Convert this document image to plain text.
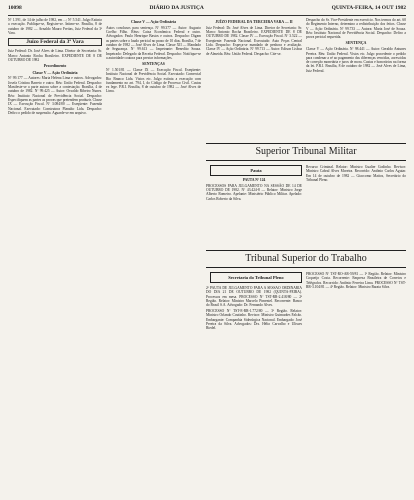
10098	DIÁRIO DA JUSTIÇA	QUINTA-FEIRA, 14 OUT 1982

Nº 1.591, de 14 de julho de 1982, em ...; Nº 5.541. Julgo Extinto a execução. Publique-se, Registre-se. Intime-se. Brasília, 8 de outubro de 1982 — Arnaldo Mauro Freitas, Juiz Federal da 3ª Vara.

Juízo Federal da 3ª Vara

Juiz Federal: Dr. José Alves de Lima. Diretor de Secretaria: Sr. Marco Antonio Rocha Brasileiro. EXPEDIENTE DE 8 DE OUTUBRO DE 1982

Procedimento
Classe V — Ação Ordinária

Nº 99.177 — Autores: Maria Helena Lima e outros. Advogados: Josefa Cristina Barreto e outro. Réu: União Federal. Despacho: Manifeste-se a parte autora sobre a contestação. Brasília, 4 de outubro de 1982. Nº 99.425 — Autor: Osvaldo Ribeiro Nunes. Réu: Instituto Nacional de Previdência Social. Despacho: Especifiquem as partes as provas que pretendem produzir. Classe IX — Execução Fiscal. Nº 3.084/80 — Exeqüente: Fazenda Nacional. Executado: Construtora Planalto Ltda. Despacho: Defiro o pedido de suspensão. Aguarde-se em arquivo.

Classe V — Ação Ordinária

Autos conclusos para sentença. Nº 99.377 — Autor: Augusto Coelho Filho. Réus: Caixa Econômica Federal e outro. Advogados: Paulo Henrique Bastos e outros. Despacho: Digam as partes sobre o laudo pericial no prazo de 10 dias. Brasília, 7 de outubro de 1982 — José Alves de Lima. Classe XII — Mandado de Segurança. Nº 99.613 — Impetrante: Benedito Souza. Impetrado: Delegado da Receita Federal. Despacho: Notifique-se a autoridade coatora para prestar informações.

SENTENÇAS

Nº 1.501/81 — Classe IX — Execução Fiscal. Exeqüente: Instituto Nacional de Previdência Social. Executado: Comercial Rio Branco Ltda. Vistos etc. Julgo extinta a execução com fundamento no art. 794, I, do Código de Processo Civil. Custas ex lege. P.R.I. Brasília, 8 de outubro de 1982 — José Alves de Lima.

JUÍZO FEDERAL DA TERCEIRA VARA — II

Juiz Federal: Dr. José Alves de Lima. Diretor de Secretaria: Sr. Marco Antonio Rocha Brasileiro. EXPEDIENTE DE 8 DE OUTUBRO DE 1982. Classe IV — Execução Fiscal. Nº 3.522 — Exeqüente: Fazenda Nacional. Executado: Auto Peças Central Ltda. Despacho: Expeça-se mandado de penhora e avaliação. Classe IV — Ação Ordinária. Nº 99.713 — Autor: Edison Lisboa de Almeida. Réu: União Federal. Despacho: Cite-se.

Despacho do Sr. Vice-Presidente em exercício. Nos termos do art. 60 do Regimento Interno, determino a redistribuição dos feitos. Classe V — Ação Ordinária. Nº 99.733 — Autora: Maria José de Souza. Réu: Instituto Nacional de Previdência Social. Despacho: Defiro a prova pericial requerida.

SENTENÇA

Classe V — Ação Ordinária. Nº 98.441 — Autor: Geraldo Antunes Pereira. Réu: União Federal. Vistos etc. Julgo procedente o pedido para condenar a ré ao pagamento das diferenças vencidas, acrescidas de correção monetária e juros de mora. Custas e honorários na forma da lei. P.R.I. Brasília, 8 de outubro de 1982 — José Alves de Lima, Juiz Federal.

Superior Tribunal Militar
Pauta

PAUTA Nº 124

PROCESSOS PARA JULGAMENTO NA SESSÃO DE 14 DE OUTUBRO DE 1982. Nº 43.424-8 — Relator: Ministro Jorge Alberto Romeiro. Apelante: Ministério Público Militar. Apelado: Carlos Roberto da Silva.

Recurso Criminal. Relator: Ministro Gualter Godinho. Revisor: Ministro Cabral Alves Moreira. Recorrido: Antônio Carlos Aguiar. Em 14 de outubro de 1982 — Giaccomo Mattos, Secretário do Tribunal Pleno.

Tribunal Superior do Trabalho
Secretaria do Tribunal Pleno

2ª PAUTA DE JULGAMENTO PARA A SESSÃO ORDINÁRIA DO DIA 21 DE OUTUBRO DE 1982 (QUINTA-FEIRA). Processos em mesa. PROCESSO Nº TST-RR-2.418/80 — 2ª Região. Relator: Ministro Marcelo Pimentel. Recorrente: Banco do Brasil S.A. Advogado: Dr. Fernando Alves.

PROCESSO Nº TST-E-RR-1.772/80 — 3ª Região. Relator: Ministro Orlando Coutinho. Revisor: Ministro Guimarães Falcão. Embargante: Companhia Siderúrgica Nacional. Embargado: José Pereira da Silva. Advogados: Drs. Hélio Carvalho e Ulisses Riedel.

PROCESSO Nº TST-RO-AR-59/81 — 1ª Região. Relator: Ministro Coqueijo Costa. Recorrente: Empresa Brasileira de Correios e Telégrafos. Recorrido: Antônio Ferreira Lima. PROCESSO Nº TST-RR-3.104/81 — 4ª Região. Relator: Ministro Barata Silva.
